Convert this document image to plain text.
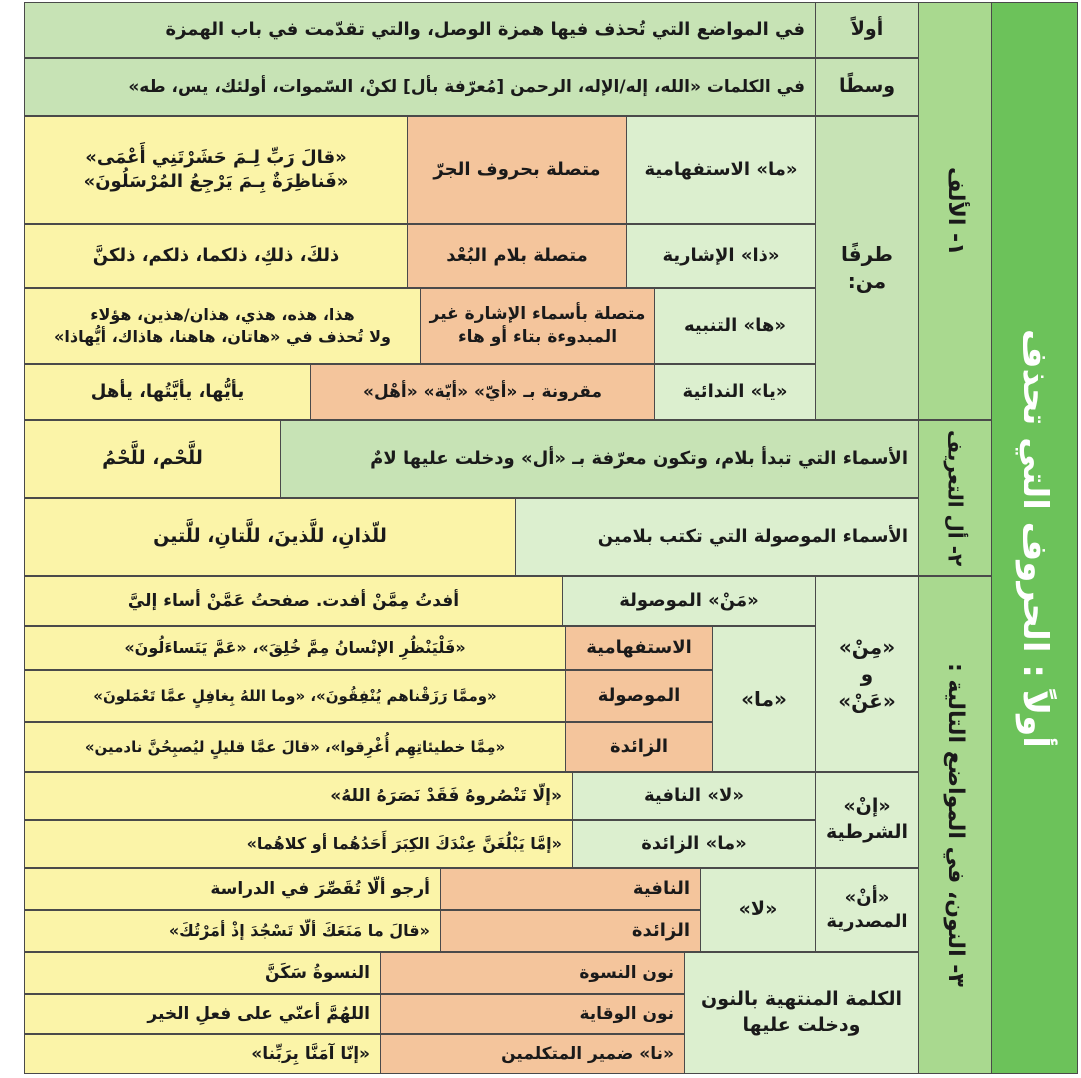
أولاً : الحروف التي تحذف
١- الألف
٢- أل التعريف
٣- النون، في المواضع التالية :
أولاً
في المواضع التي تُحذف فيها همزة الوصل، والتي تقدّمت في باب الهمزة
وسطًا
في الكلمات «الله، إله/الإله، الرحمن [مُعرّفة بأل] لكنْ، السّموات، أولئك، يس، طه»
طرفًا من:
«ما» الاستفهامية
متصلة بحروف الجرّ
«قالَ رَبِّ لِـمَ حَشَرْتَنِي أَعْمَى»
«فَناظِرَةٌ بِـمَ يَرْجِعُ المُرْسَلُونَ»
«ذا» الإشارية
متصلة بلام البُعْد
ذلكَ، ذلكِ، ذلكما، ذلكم، ذلكنَّ
«ها» التنبيه
متصلة بأسماء الإشارة غير المبدوءة بتاء أو هاء
هذا، هذه، هذي، هذان/هذين، هؤلاء
ولا تُحذف في «هاتان، هاهنا، هاذاك، أيُّهاذا»
«يا» الندائية
مقرونة بـ «أيّ» «أيّة» «أهْل»
يأيُّها، يأيَّتُها، يأهل
الأسماء التي تبدأ بلام، وتكون معرّفة بـ «أل» ودخلت عليها لامٌ
للَّحْم، للَّحْمُ
الأسماء الموصولة التي تكتب بلامين
للّذانِ، للَّذينَ، للَّتانِ، للَّتين
«مِنْ»
و
«عَنْ»
«مَنْ» الموصولة
أفدتُ مِمَّنْ أفدت. صفحتُ عَمَّنْ أساء إليَّ
«ما»
الاستفهامية
«فَلْيَنْظُرِ الإنْسانُ مِمَّ خُلِقَ»، «عَمَّ يَتَساءَلُونَ»
الموصولة
«وممَّا رَزَقْناهم يُنْفِقُونَ»، «وما اللهُ بِغافِلٍ عمَّا تَعْمَلونَ»
الزائدة
«مِمَّا خطيئاتِهِم أُغْرِقوا»، «قالَ عمَّا قليلٍ ليُصبِحُنَّ نادمين»
«إنْ»
الشرطية
«لا» النافية
«إلّا تَنْصُروهُ فَقَدْ نَصَرَهُ اللهُ»
«ما» الزائدة
«إمَّا يَبْلُغَنَّ عِنْدَكَ الكِبَرَ أَحَدُهُما أو كلاهُما»
«أنْ»
المصدرية
«لا»
النافية
أرجو ألّا تُقَصِّرَ في الدراسة
الزائدة
«قالَ ما مَنَعَكَ ألّا تَسْجُدَ إذْ أمَرْتُكَ»
الكلمة المنتهية بالنون ودخلت عليها
نون النسوة
النسوةُ سَكَنَّ
نون الوقاية
اللهُمَّ أعنّي على فعلِ الخير
«نا» ضمير المتكلمين
«إنّا آمَنَّا بِرَبِّنا»
